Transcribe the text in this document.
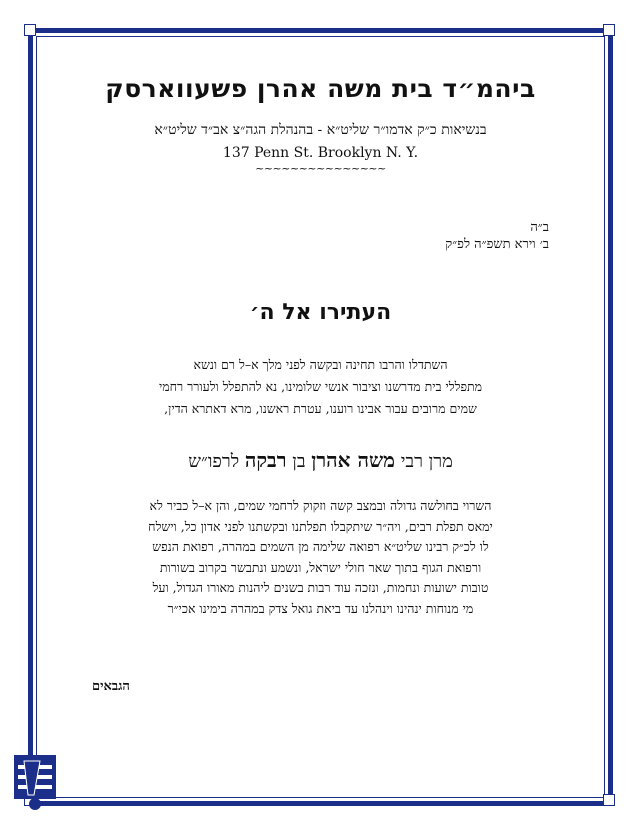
ביהמ״ד בית משה אהרן פשעווארסק
בנשיאות כ״ק אדמו״ר שליט״א - בהנהלת הגה״צ אב״ד שליט״א
137 Penn St. Brooklyn N. Y.
~~~~~~~~~~~~~~~
ב״ה
ב׳ וירא תשפ״ה לפ״ק
העתירו אל ה׳
השתדלו והרבו תחינה ובקשה לפני מלך א–ל רם ונשא
מתפללי בית מדרשנו וציבור אנשי שלומינו, נא להתפלל ולעורר רחמי
שמים מרובים עבור אבינו רוענו, עטרת ראשנו, מרא דאתרא הדין,
מרן רבי משה אהרן בן רבקה לרפו״ש
השרוי בחולשה גדולה ובמצב קשה וזקוק לרחמי שמים, והן א–ל כביר לא
ימאס תפלת רבים, ויה״ר שיתקבלו תפלתנו ובקשתנו לפני אדון כל, וישלח
לו לכ״ק רבינו שליט״א רפואה שלימה מן השמים במהרה, רפואת הנפש
ורפואת הגוף בתוך שאר חולי ישראל, ונשמע ונתבשר בקרוב בשורות
טובות ישועות ונחמות, ונזכה עוד רבות בשנים ליהנות מאורו הגדול, ועל
מי מנוחות ינהינו וינהלנו עד ביאת גואל צדק במהרה בימינו אכי״ר
הגבאים
